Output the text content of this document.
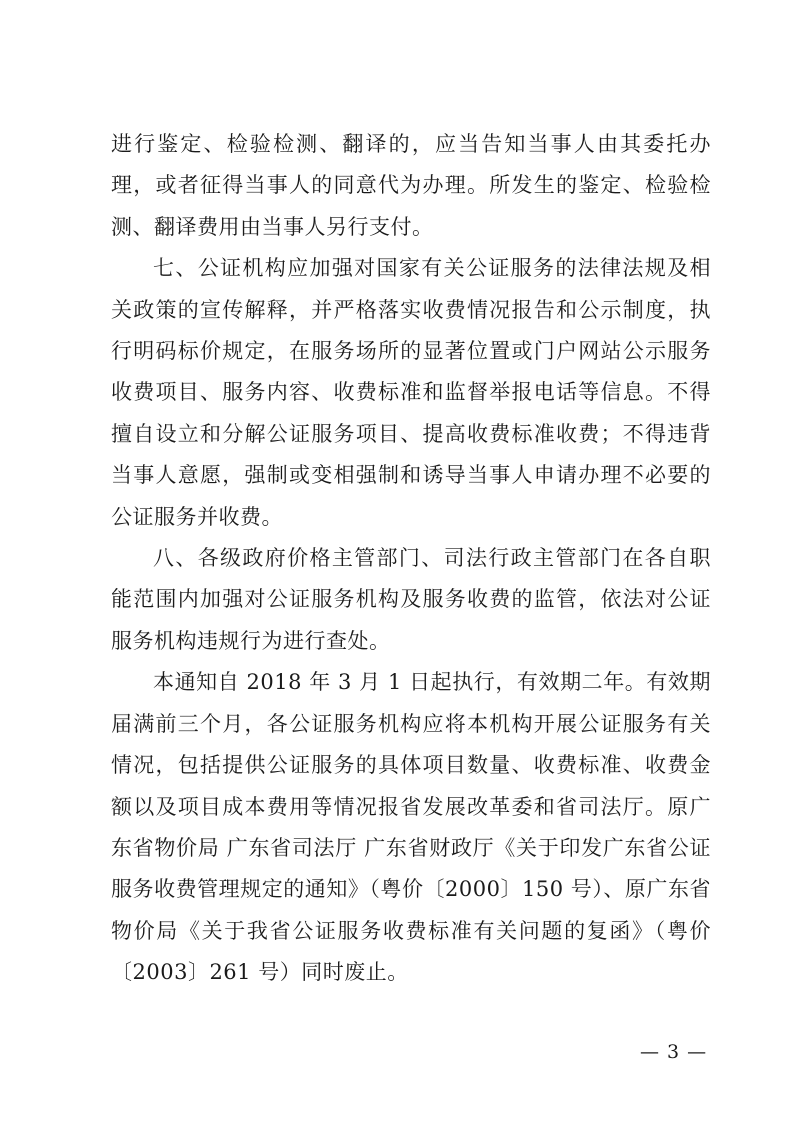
进行鉴定、检验检测、翻译的，应当告知当事人由其委托办理，或者征得当事人的同意代为办理。所发生的鉴定、检验检测、翻译费用由当事人另行支付。

七、公证机构应加强对国家有关公证服务的法律法规及相关政策的宣传解释，并严格落实收费情况报告和公示制度，执行明码标价规定，在服务场所的显著位置或门户网站公示服务收费项目、服务内容、收费标准和监督举报电话等信息。不得擅自设立和分解公证服务项目、提高收费标准收费；不得违背当事人意愿，强制或变相强制和诱导当事人申请办理不必要的公证服务并收费。

八、各级政府价格主管部门、司法行政主管部门在各自职能范围内加强对公证服务机构及服务收费的监管，依法对公证服务机构违规行为进行查处。

本通知自 2018 年 3 月 1 日起执行，有效期二年。有效期届满前三个月，各公证服务机构应将本机构开展公证服务有关情况，包括提供公证服务的具体项目数量、收费标准、收费金额以及项目成本费用等情况报省发展改革委和省司法厅。原广东省物价局 广东省司法厅 广东省财政厅《关于印发广东省公证服务收费管理规定的通知》（粤价〔2000〕150 号）、原广东省物价局《关于我省公证服务收费标准有关问题的复函》（粤价〔2003〕261 号）同时废止。

— 3 —
